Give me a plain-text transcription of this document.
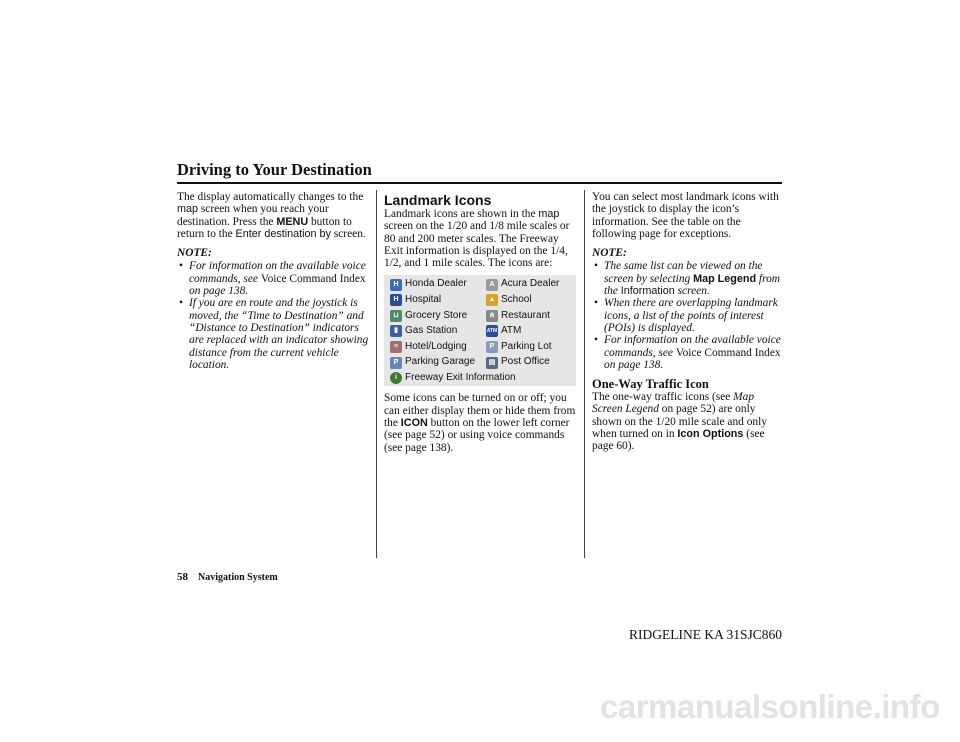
Driving to Your Destination

The display automatically changes to the map screen when you reach your destination. Press the MENU button to return to the Enter destination by screen.

NOTE:

• For information on the available voice commands, see Voice Command Index on page 138.
• If you are en route and the joystick is moved, the “Time to Destination” and “Distance to Destination” indicators are replaced with an indicator showing distance from the current vehicle location.
Landmark Icons

Landmark icons are shown in the map screen on the 1/20 and 1/8 mile scales or 80 and 200 meter scales. The Freeway Exit information is displayed on the 1/4, 1/2, and 1 mile scales. The icons are:

H Honda Dealer	A Acura Dealer
H Hospital	▲ School
⊔ Grocery Store	⋔ Restaurant
▮ Gas Station	ATM ATM
≡ Hotel/Lodging	P Parking Lot
P Parking Garage	▤ Post Office
i Freeway Exit Information

Some icons can be turned on or off; you can either display them or hide them from the ICON button on the lower left corner (see page 52) or using voice commands (see page 138).

You can select most landmark icons with the joystick to display the icon’s information. See the table on the following page for exceptions.

NOTE:

• The same list can be viewed on the screen by selecting Map Legend from the Information screen.
• When there are overlapping landmark icons, a list of the points of interest (POIs) is displayed.
• For information on the available voice commands, see Voice Command Index on page 138.
One-Way Traffic Icon

The one-way traffic icons (see Map Screen Legend on page 52) are only shown on the 1/20 mile scale and only when turned on in Icon Options (see page 60).

58 Navigation System
RIDGELINE KA 31SJC860
carmanualsonline.info
